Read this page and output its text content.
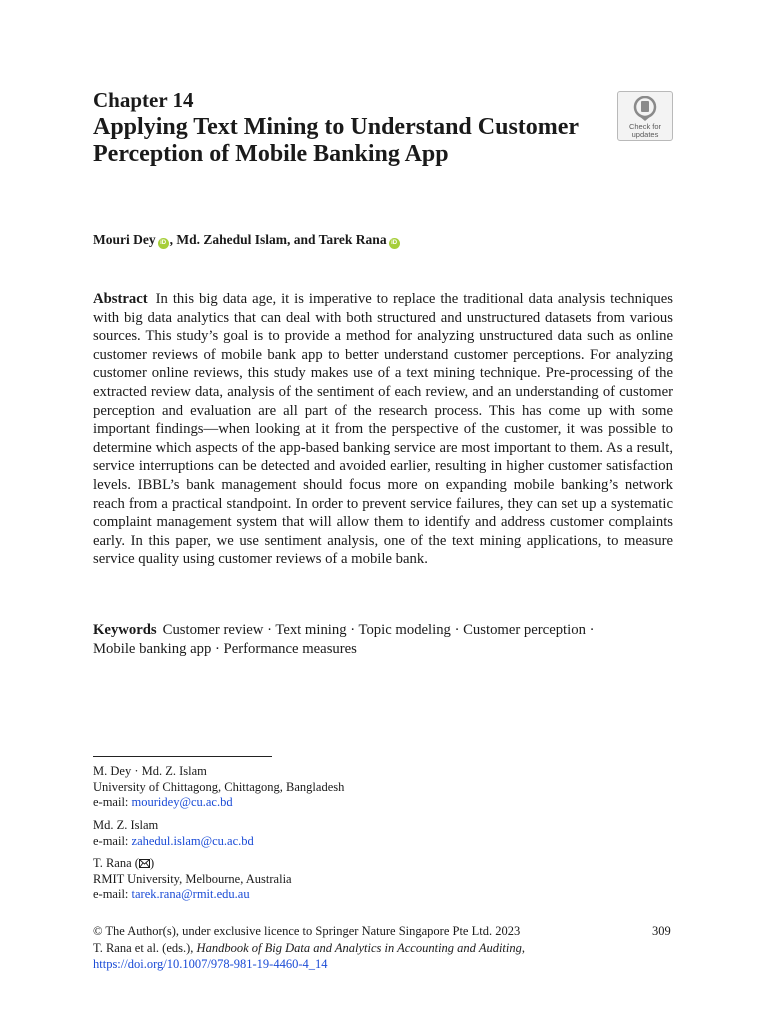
Chapter 14
Applying Text Mining to Understand Customer Perception of Mobile Banking App
Check for
updates
Mouri Dey iD , Md. Zahedul Islam, and Tarek Rana iD
Abstract In this big data age, it is imperative to replace the traditional data analysis techniques with big data analytics that can deal with both structured and unstructured datasets from various sources. This study’s goal is to provide a method for analyzing unstructured data such as online customer reviews of mobile bank app to better understand customer perceptions. For analyzing customer online reviews, this study makes use of a text mining technique. Pre-processing of the extracted review data, analysis of the sentiment of each review, and an understanding of customer perception and evaluation are all part of the research process. This has come up with some important findings—when looking at it from the perspective of the customer, it was possible to determine which aspects of the app-based banking service are most important to them. As a result, service interruptions can be detected and avoided earlier, resulting in higher customer satisfaction levels. IBBL’s bank management should focus more on expanding mobile banking’s network reach from a practical standpoint. In order to prevent service failures, they can set up a systematic complaint management system that will allow them to identify and address customer complaints early. In this paper, we use sentiment analysis, one of the text mining applications, to measure service quality using customer reviews of a mobile bank.
Keywords Customer review · Text mining · Topic modeling · Customer perception · Mobile banking app · Performance measures
M. Dey · Md. Z. Islam
University of Chittagong, Chittagong, Bangladesh
e-mail: mouridey@cu.ac.bd
Md. Z. Islam
e-mail: zahedul.islam@cu.ac.bd
T. Rana ( )
RMIT University, Melbourne, Australia
e-mail: tarek.rana@rmit.edu.au
© The Author(s), under exclusive licence to Springer Nature Singapore Pte Ltd. 2023
T. Rana et al. (eds.), Handbook of Big Data and Analytics in Accounting and Auditing,
https://doi.org/10.1007/978-981-19-4460-4_14
309
